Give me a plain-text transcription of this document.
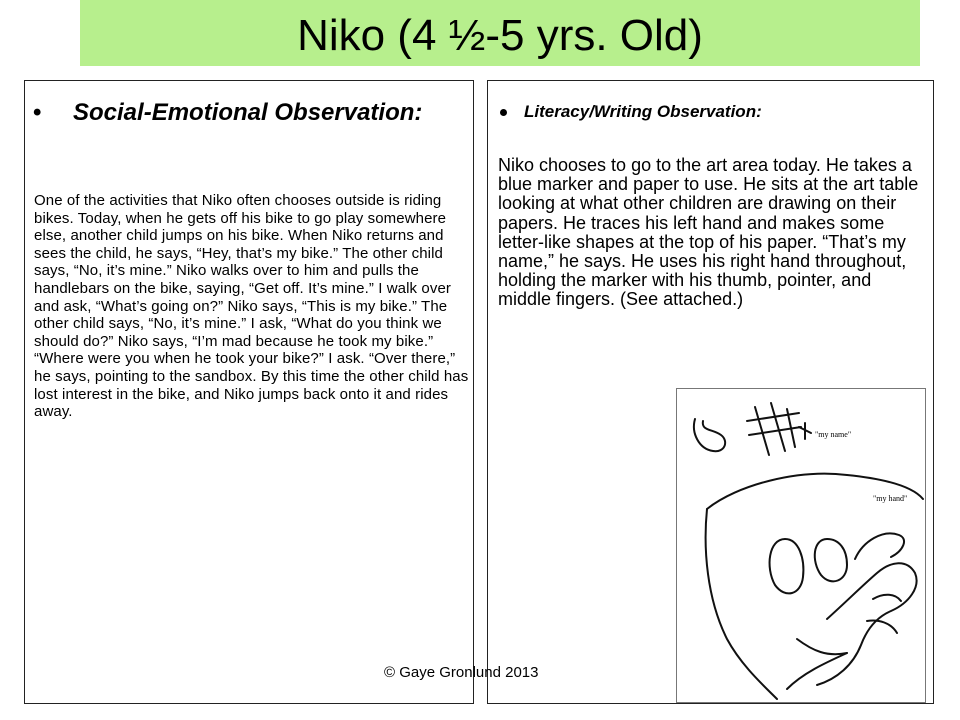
Niko (4 ½-5 yrs. Old)
• Social-Emotional Observation:
One of the activities that Niko often chooses outside is riding bikes. Today, when he gets off his bike to go play somewhere else, another child jumps on his bike. When Niko returns and sees the child, he says, “Hey, that’s my bike.” The other child says, “No, it’s mine.” Niko walks over to him and pulls the handlebars on the bike, saying, “Get off. It’s mine.” I walk over and ask, “What’s going on?” Niko says, “This is my bike.” The other child says, “No, it’s mine.” I ask, “What do you think we should do?” Niko says, “I’m mad because he took my bike.” “Where were you when he took your bike?” I ask. “Over there,” he says, pointing to the sandbox. By this time the other child has lost interest in the bike, and Niko jumps back onto it and rides away.
Literacy/Writing Observation:
Niko chooses to go to the art area today. He takes a blue marker and paper to use. He sits at the art table looking at what other children are drawing on their papers. He traces his left hand and makes some letter-like shapes at the top of his paper. “That’s my name,” he says. He uses his right hand throughout, holding the marker with his thumb, pointer, and middle fingers. (See attached.)
"my name"
"my hand"
© Gaye Gronlund 2013
